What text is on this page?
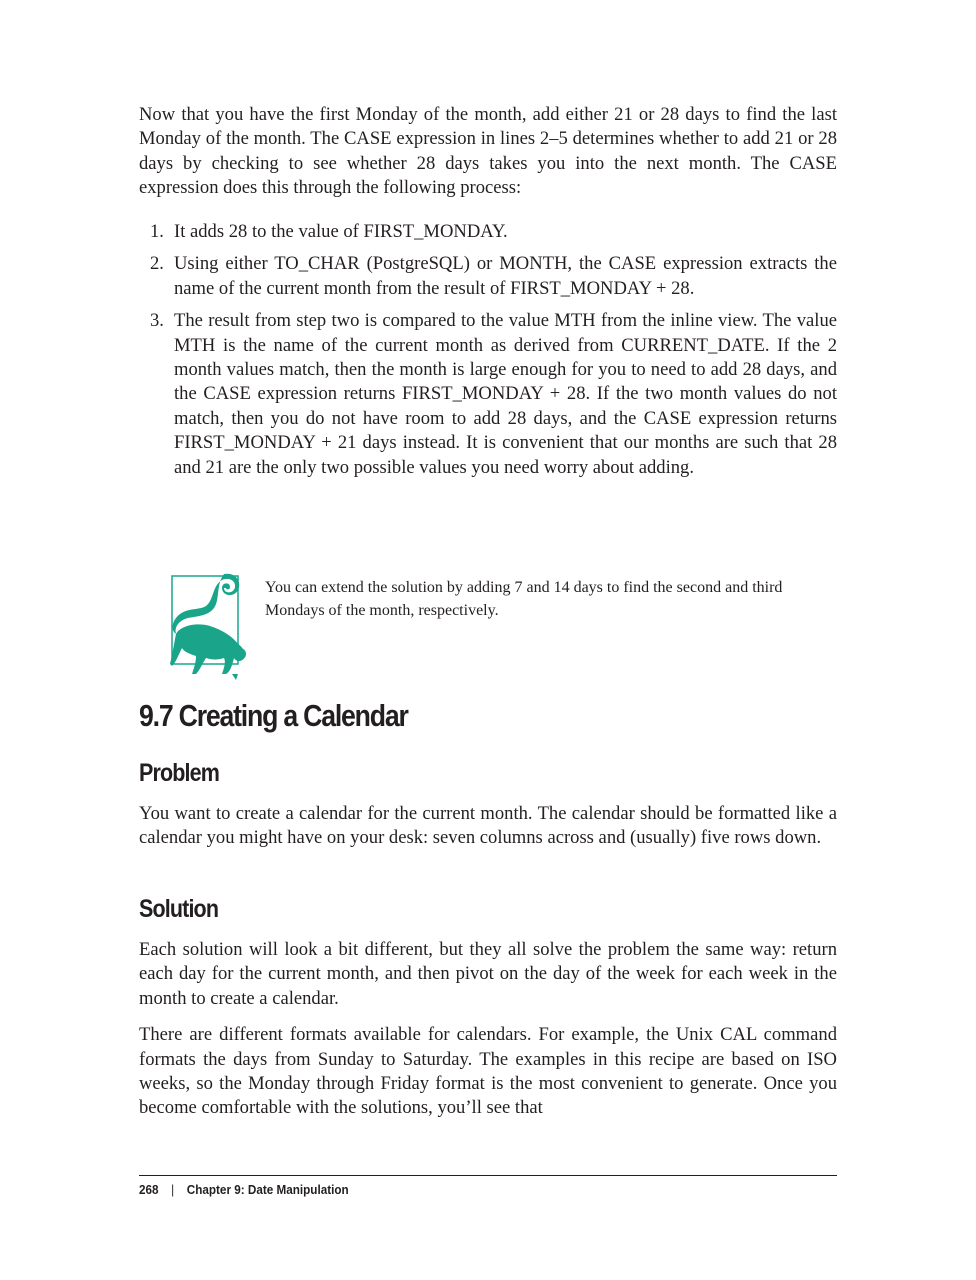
Now that you have the first Monday of the month, add either 21 or 28 days to find the last Monday of the month. The CASE expression in lines 2–5 determines whether to add 21 or 28 days by checking to see whether 28 days takes you into the next month. The CASE expression does this through the following process:

1. It adds 28 to the value of FIRST_MONDAY.
2. Using either TO_CHAR (PostgreSQL) or MONTH, the CASE expression extracts the name of the current month from the result of FIRST_MONDAY + 28.
3. The result from step two is compared to the value MTH from the inline view. The value MTH is the name of the current month as derived from CURRENT_DATE. If the 2 month values match, then the month is large enough for you to need to add 28 days, and the CASE expression returns FIRST_MONDAY + 28. If the two month values do not match, then you do not have room to add 28 days, and the CASE expression returns FIRST_MONDAY + 21 days instead. It is convenient that our months are such that 28 and 21 are the only two possible values you need worry about adding.
You can extend the solution by adding 7 and 14 days to find the second and third Mondays of the month, respectively.
9.7 Creating a Calendar
Problem

You want to create a calendar for the current month. The calendar should be formatted like a calendar you might have on your desk: seven columns across and (usually) five rows down.

Solution

Each solution will look a bit different, but they all solve the problem the same way: return each day for the current month, and then pivot on the day of the week for each week in the month to create a calendar.

There are different formats available for calendars. For example, the Unix CAL command formats the days from Sunday to Saturday. The examples in this recipe are based on ISO weeks, so the Monday through Friday format is the most convenient to generate. Once you become comfortable with the solutions, you’ll see that

268 | Chapter 9: Date Manipulation
